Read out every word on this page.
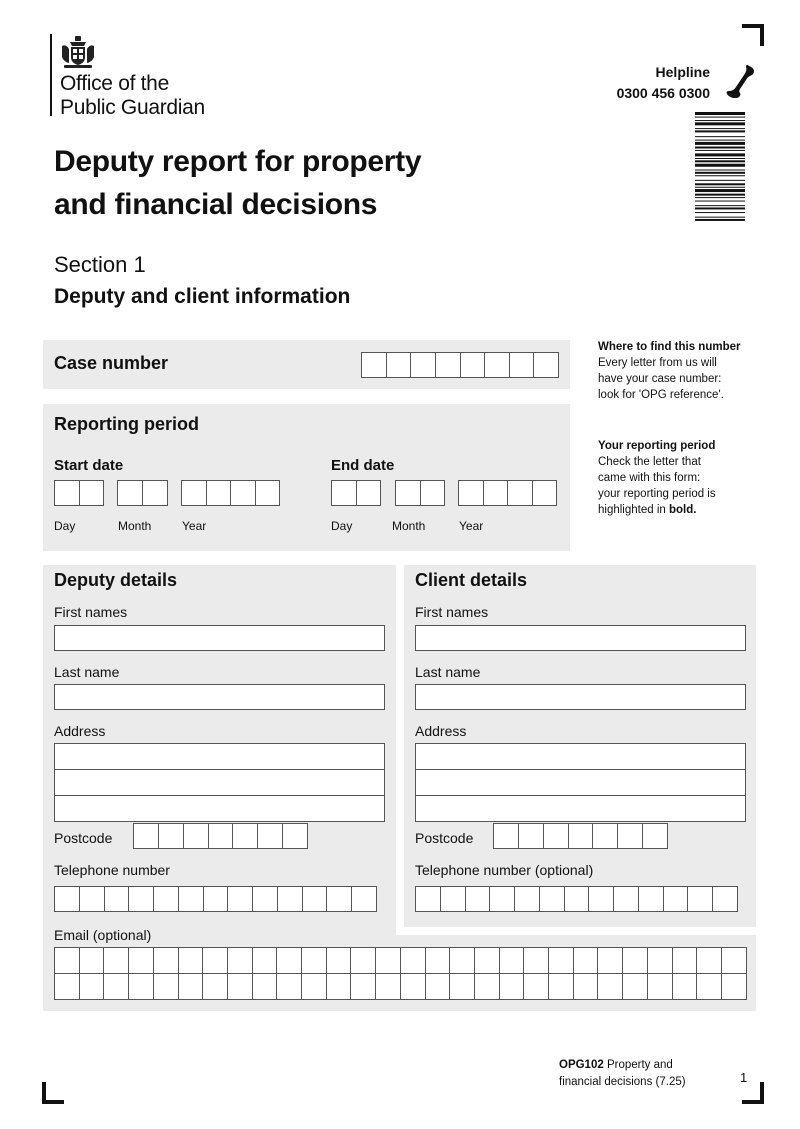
Office of the
Public Guardian
Helpline
0300 456 0300
Deputy report for property
and financial decisions
Section 1
Deputy and client information
Case number
Where to find this number
Every letter from us will
have your case number:
look for 'OPG reference'.
Your reporting period
Check the letter that
came with this form:
your reporting period is
highlighted in bold.
Reporting period
Start date	End date
Day	Month	Year	Day	Month	Year
Deputy details
First names
Last name
Address
Postcode
Telephone number
Email (optional)
Client details
First names
Last name
Address
Postcode
Telephone number (optional)
OPG102 Property and
financial decisions (7.25)	1
